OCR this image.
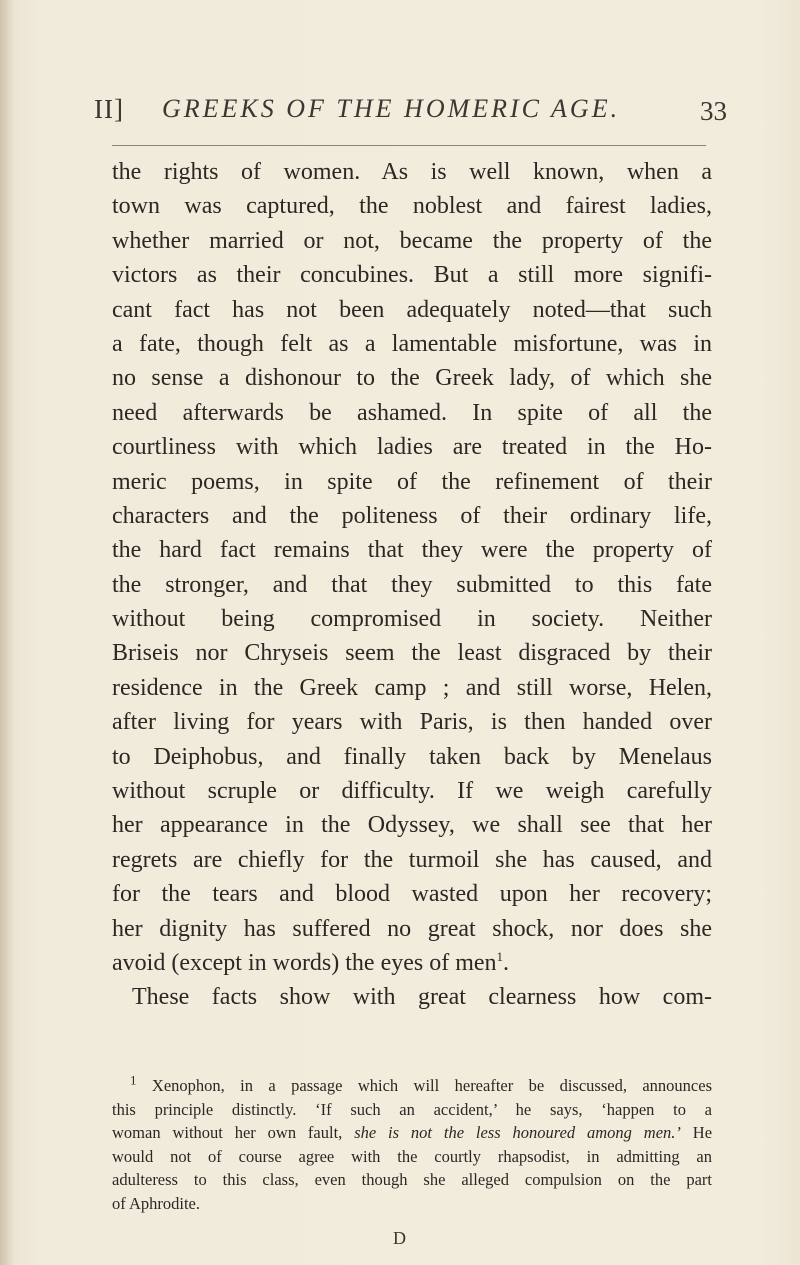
II] GREEKS OF THE HOMERIC AGE.	33
the rights of women. As is well known, when a
town was captured, the noblest and fairest ladies,
whether married or not, became the property of the
victors as their concubines. But a still more signifi-
cant fact has not been adequately noted—that such
a fate, though felt as a lamentable misfortune, was in
no sense a dishonour to the Greek lady, of which she
need afterwards be ashamed. In spite of all the
courtliness with which ladies are treated in the Ho-
meric poems, in spite of the refinement of their
characters and the politeness of their ordinary life,
the hard fact remains that they were the property of
the stronger, and that they submitted to this fate
without being compromised in society. Neither
Briseis nor Chryseis seem the least disgraced by their
residence in the Greek camp ; and still worse, Helen,
after living for years with Paris, is then handed over
to Deiphobus, and finally taken back by Menelaus
without scruple or difficulty. If we weigh carefully
her appearance in the Odyssey, we shall see that her
regrets are chiefly for the turmoil she has caused, and
for the tears and blood wasted upon her recovery;
her dignity has suffered no great shock, nor does she
avoid (except in words) the eyes of men$^1$.
These facts show with great clearness how com-
$^1$ Xenophon, in a passage which will hereafter be discussed, announces
this principle distinctly. ‘If such an accident,’ he says, ‘happen to a
woman without her own fault, she is not the less honoured among men.’ He
would not of course agree with the courtly rhapsodist, in admitting an
adulteress to this class, even though she alleged compulsion on the part
of Aphrodite.
D
